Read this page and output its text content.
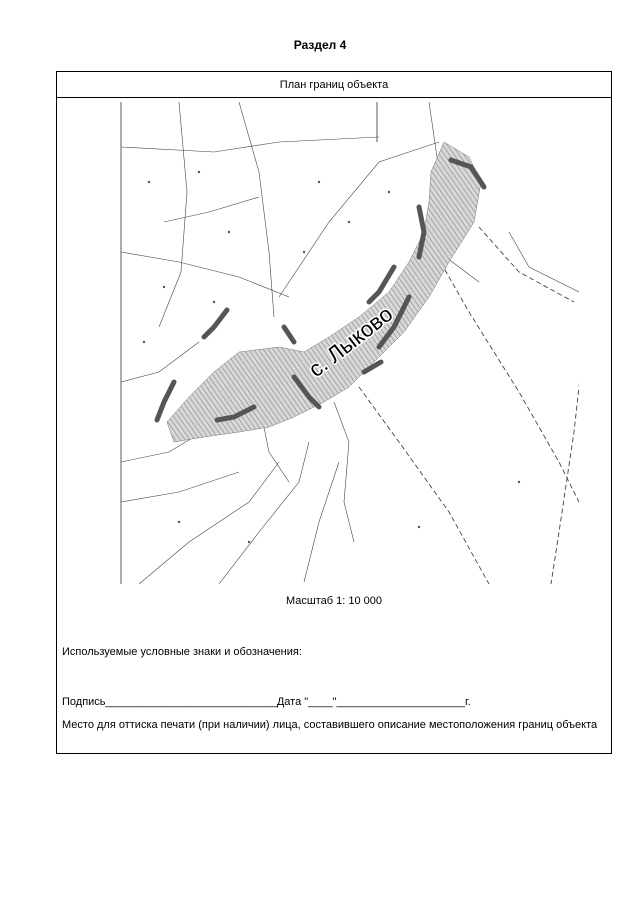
Раздел 4
План границ объекта
с. Лыково
Масштаб 1: 10 000
Используемые условные знаки и обозначения:
Подпись____________________________Дата "____"_____________________г.
Место для оттиска печати (при наличии) лица, составившего описание местоположения границ объекта
